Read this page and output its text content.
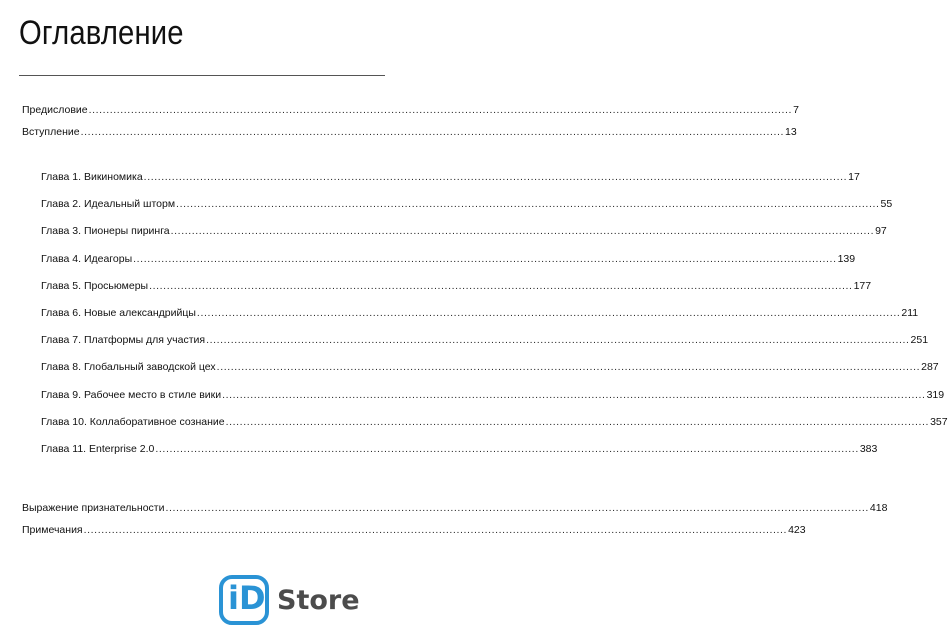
Оглавление
Предисловие ........................................................................................................................................................................................................ 7
Вступление ........................................................................................................................................................................................................ 13
Глава 1. Викиномика ........................................................................................................................................................................................................ 17
Глава 2. Идеальный шторм ........................................................................................................................................................................................................ 55
Глава 3. Пионеры пиринга ........................................................................................................................................................................................................ 97
Глава 4. Идеагоры ........................................................................................................................................................................................................ 139
Глава 5. Просьюмеры ........................................................................................................................................................................................................ 177
Глава 6. Новые александрийцы ........................................................................................................................................................................................................ 211
Глава 7. Платформы для участия ........................................................................................................................................................................................................ 251
Глава 8. Глобальный заводской цех ........................................................................................................................................................................................................ 287
Глава 9. Рабочее место в стиле вики ........................................................................................................................................................................................................ 319
Глава 10. Коллаборативное сознание ........................................................................................................................................................................................................ 357
Глава 11. Enterprise 2.0 ........................................................................................................................................................................................................ 383
Выражение признательности ........................................................................................................................................................................................................ 418
Примечания ........................................................................................................................................................................................................ 423
iD Store
